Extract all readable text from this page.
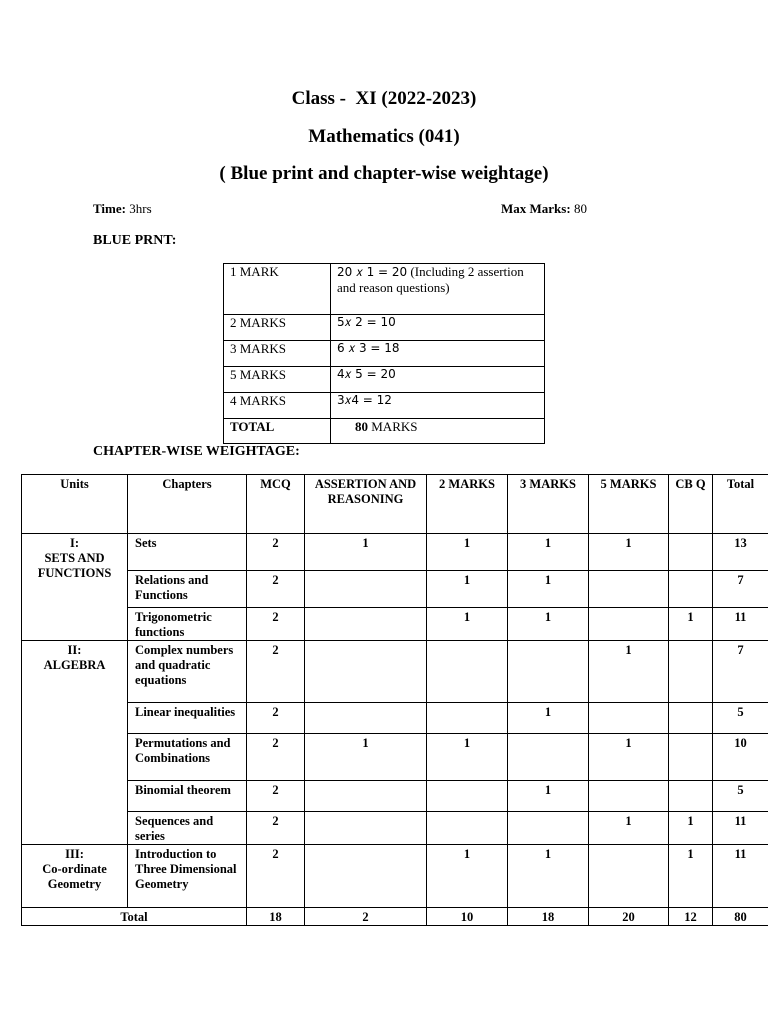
Class -  XI (2022-2023)
Mathematics (041)
( Blue print and chapter-wise weightage)
Time: 3hrs	Max Marks: 80
BLUE PRNT:
1 MARK	20 𝑥 1 = 20 (Including 2 assertion and reason questions)
2 MARKS	5𝑥 2 = 10
3 MARKS	6 𝑥 3 = 18
5 MARKS	4𝑥 5 = 20
4 MARKS	3𝑥4 = 12
TOTAL	80 MARKS
CHAPTER-WISE WEIGHTAGE:
Units	Chapters	MCQ	ASSERTION AND REASONING	2 MARKS	3 MARKS	5 MARKS	CB Q	Total
I:
SETS AND FUNCTIONS	Sets	2	1	1	1	1		13
	Relations and Functions	2		1	1			7
	Trigonometric functions	2		1	1		1	11
II:
ALGEBRA	Complex numbers and quadratic equations	2				1		7
	Linear inequalities	2			1			5
	Permutations and Combinations	2	1	1		1		10
	Binomial theorem	2			1			5
	Sequences and series	2				1	1	11
III:
Co-ordinate Geometry	Introduction to Three Dimensional Geometry	2		1	1		1	11
Total		18	2	10	18	20	12	80
